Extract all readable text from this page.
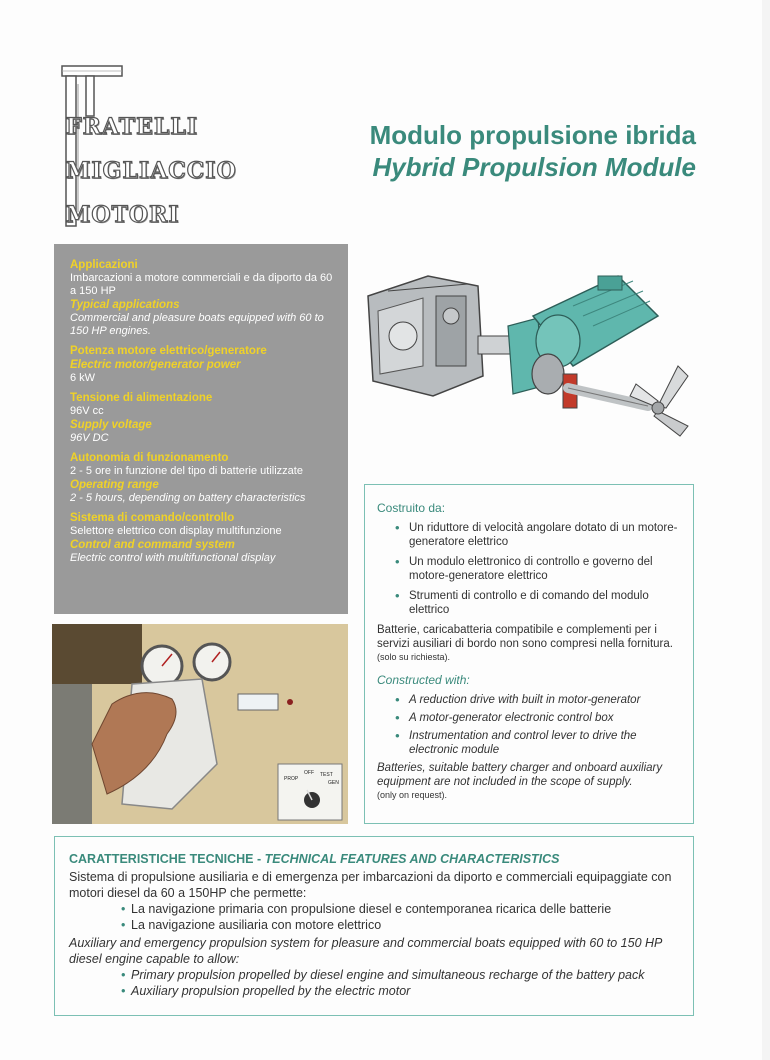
FRATELLI
MIGLIACCIO
MOTORI
Modulo propulsione ibrida
Hybrid Propulsion Module
Applicazioni
Imbarcazioni a motore commerciali e da diporto da 60 a 150 HP
Typical applications
Commercial and pleasure boats equipped with 60 to 150 HP engines.
Potenza motore elettrico/generatore
Electric motor/generator power
6 kW
Tensione di alimentazione
96V cc
Supply voltage
96V DC
Autonomia di funzionamento
2 - 5 ore in funzione del tipo di batterie utilizzate
Operating range
2 - 5 hours, depending on battery characteristics
Sistema di comando/controllo
Selettore elettrico con display multifunzione
Control and command system
Electric control with multifunctional display
PROP
OFF TEST
GEN
Costruito da:
• Un riduttore di velocità angolare dotato di un motore-generatore elettrico
• Un modulo elettronico di controllo e governo del motore-generatore elettrico
• Strumenti di controllo e di comando del modulo elettrico
Batterie, caricabatteria compatibile e complementi per i servizi ausiliari di bordo non sono compresi nella fornitura.
(solo su richiesta).
Constructed with:
• A reduction drive with built in motor-generator
• A motor-generator electronic control box
• Instrumentation and control lever to drive the electronic module
Batteries, suitable battery charger and onboard auxiliary equipment are not included in the scope of supply.
(only on request).
CARATTERISTICHE TECNICHE - TECHNICAL FEATURES AND CHARACTERISTICS
Sistema di propulsione ausiliaria e di emergenza per imbarcazioni da diporto e commerciali equipaggiate con motori diesel da 60 a 150HP che permette:
• La navigazione primaria con propulsione diesel e contemporanea ricarica delle batterie
• La navigazione ausiliaria con motore elettrico
Auxiliary and emergency propulsion system for pleasure and commercial boats equipped with 60 to 150 HP diesel engine capable to allow:
• Primary propulsion propelled by diesel engine and simultaneous recharge of the battery pack
• Auxiliary propulsion propelled by the electric motor
